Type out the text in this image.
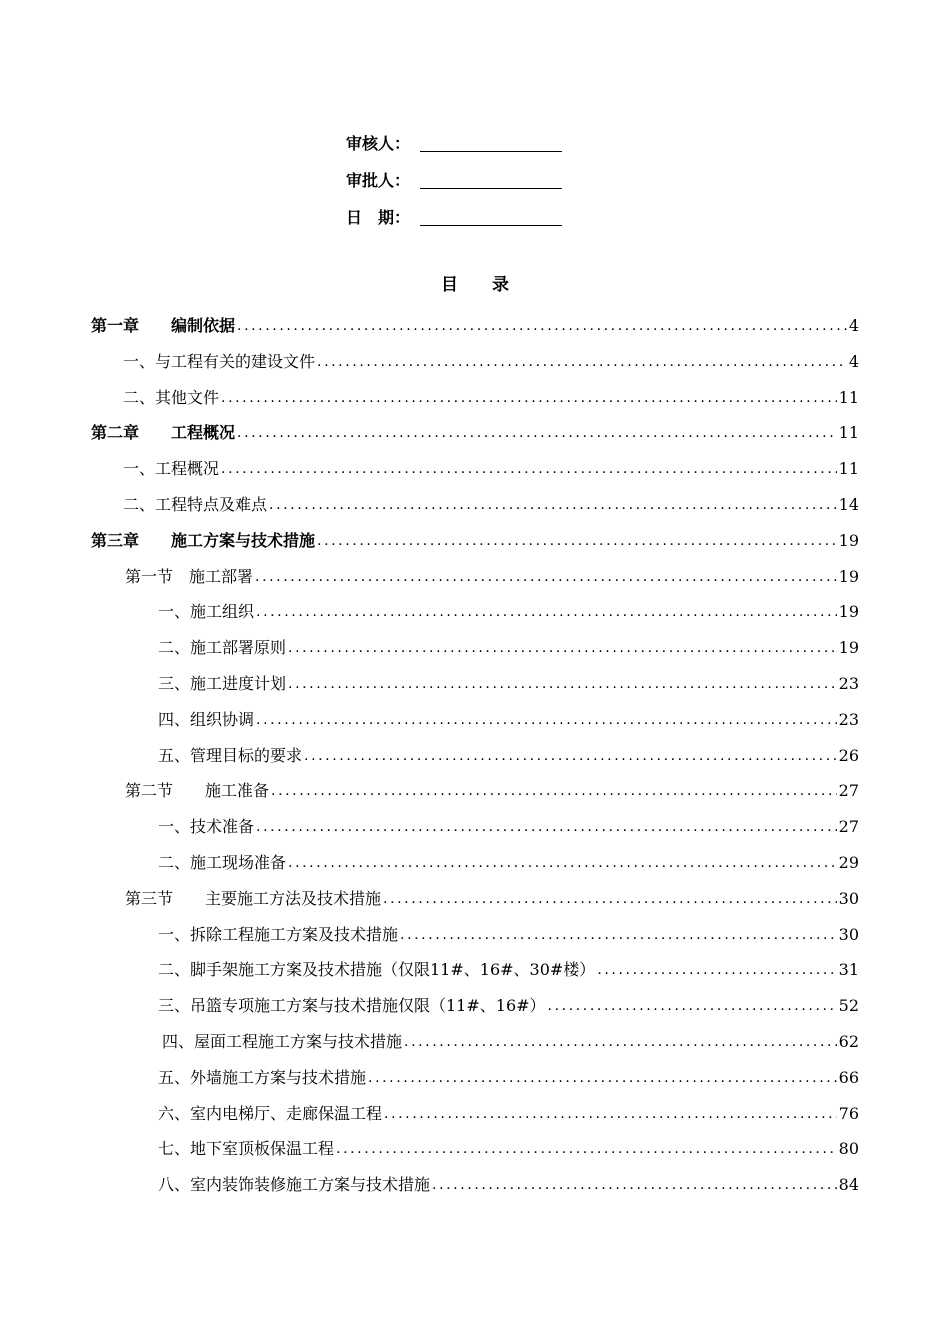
审核人：
审批人：
日　期：
目　　录
第一章　　编制依据 .....	4
一、与工程有关的建设文件 .....	4
二、其他文件 .....	11
第二章　　工程概况 .....	11
一、工程概况 .....	11
二、工程特点及难点 .....	14
第三章　　施工方案与技术措施 .....	19
第一节　施工部署 .....	19
一、施工组织 .....	19
二、施工部署原则 .....	19
三、施工进度计划 .....	23
四、组织协调 .....	23
五、管理目标的要求 .....	26
第二节　　施工准备 .....	27
一、技术准备 .....	27
二、施工现场准备 .....	29
第三节　　主要施工方法及技术措施 .....	30
一、拆除工程施工方案及技术措施 .....	30
二、脚手架施工方案及技术措施（仅限11#、16#、30#楼） .....	31
三、吊篮专项施工方案与技术措施仅限（11#、16#） .....	52
四、屋面工程施工方案与技术措施 .....	62
五、外墙施工方案与技术措施 .....	66
六、室内电梯厅、走廊保温工程 .....	76
七、地下室顶板保温工程 .....	80
八、室内装饰装修施工方案与技术措施 .....	84
